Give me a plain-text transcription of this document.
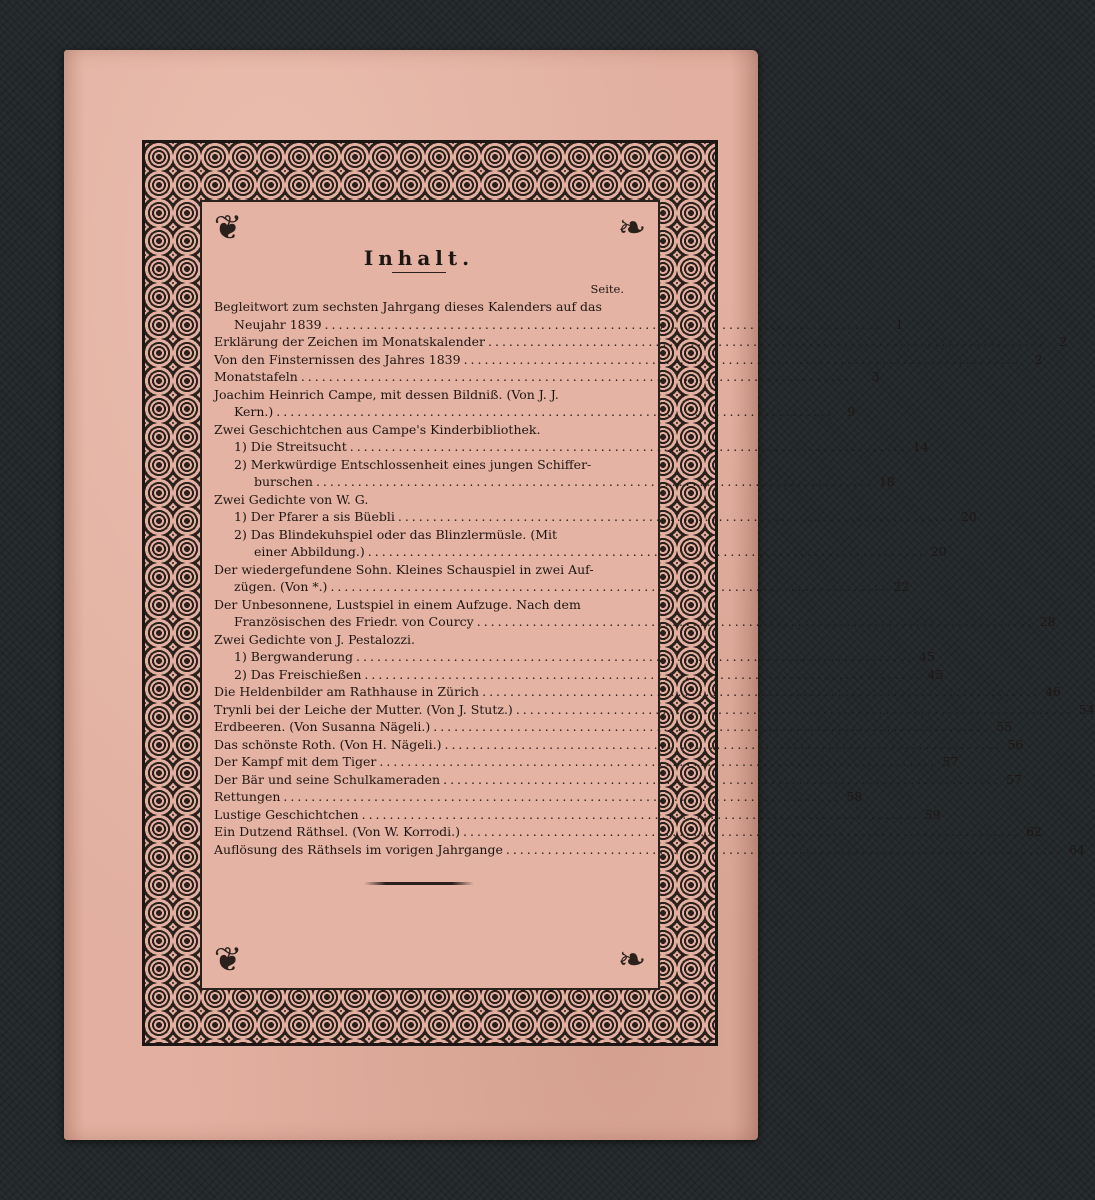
❦	❧
❦	❧
Inhalt.
Seite.
Begleitwort zum sechsten Jahrgang dieses Kalenders auf das
Neujahr 1839 ................................................................................	1
Erklärung der Zeichen im Monatskalender ................................................................................	2
Von den Finsternissen des Jahres 1839 ................................................................................	2
Monatstafeln ................................................................................	3
Joachim Heinrich Campe, mit dessen Bildniß. (Von J. J.
Kern.) ................................................................................	9
Zwei Geschichtchen aus Campe's Kinderbibliothek.
1) Die Streitsucht ................................................................................ 14
2) Merkwürdige Entschlossenheit eines jungen Schiffer-
burschen ................................................................................ 18
Zwei Gedichte von W. G.
1) Der Pfarer a sis Büebli ................................................................................ 20
2) Das Blindekuhspiel oder das Blinzlermüsle. (Mit
einer Abbildung.) ................................................................................ 20
Der wiedergefundene Sohn. Kleines Schauspiel in zwei Auf-
zügen. (Von *.) ................................................................................ 22
Der Unbesonnene, Lustspiel in einem Aufzuge. Nach dem
Französischen des Friedr. von Courcy ................................................................................ 28
Zwei Gedichte von J. Pestalozzi.
1) Bergwanderung ................................................................................ 45
2) Das Freischießen ................................................................................ 45
Die Heldenbilder am Rathhause in Zürich ................................................................................ 46
Trynli bei der Leiche der Mutter. (Von J. Stutz.) ................................................................................ 54
Erdbeeren. (Von Susanna Nägeli.) ................................................................................ 55
Das schönste Roth. (Von H. Nägeli.) ................................................................................ 56
Der Kampf mit dem Tiger ................................................................................ 57
Der Bär und seine Schulkameraden ................................................................................ 57
Rettungen ................................................................................ 58
Lustige Geschichtchen ................................................................................ 59
Ein Dutzend Räthsel. (Von W. Korrodi.) ................................................................................ 62
Auflösung des Räthsels im vorigen Jahrgange ................................................................................ 64
